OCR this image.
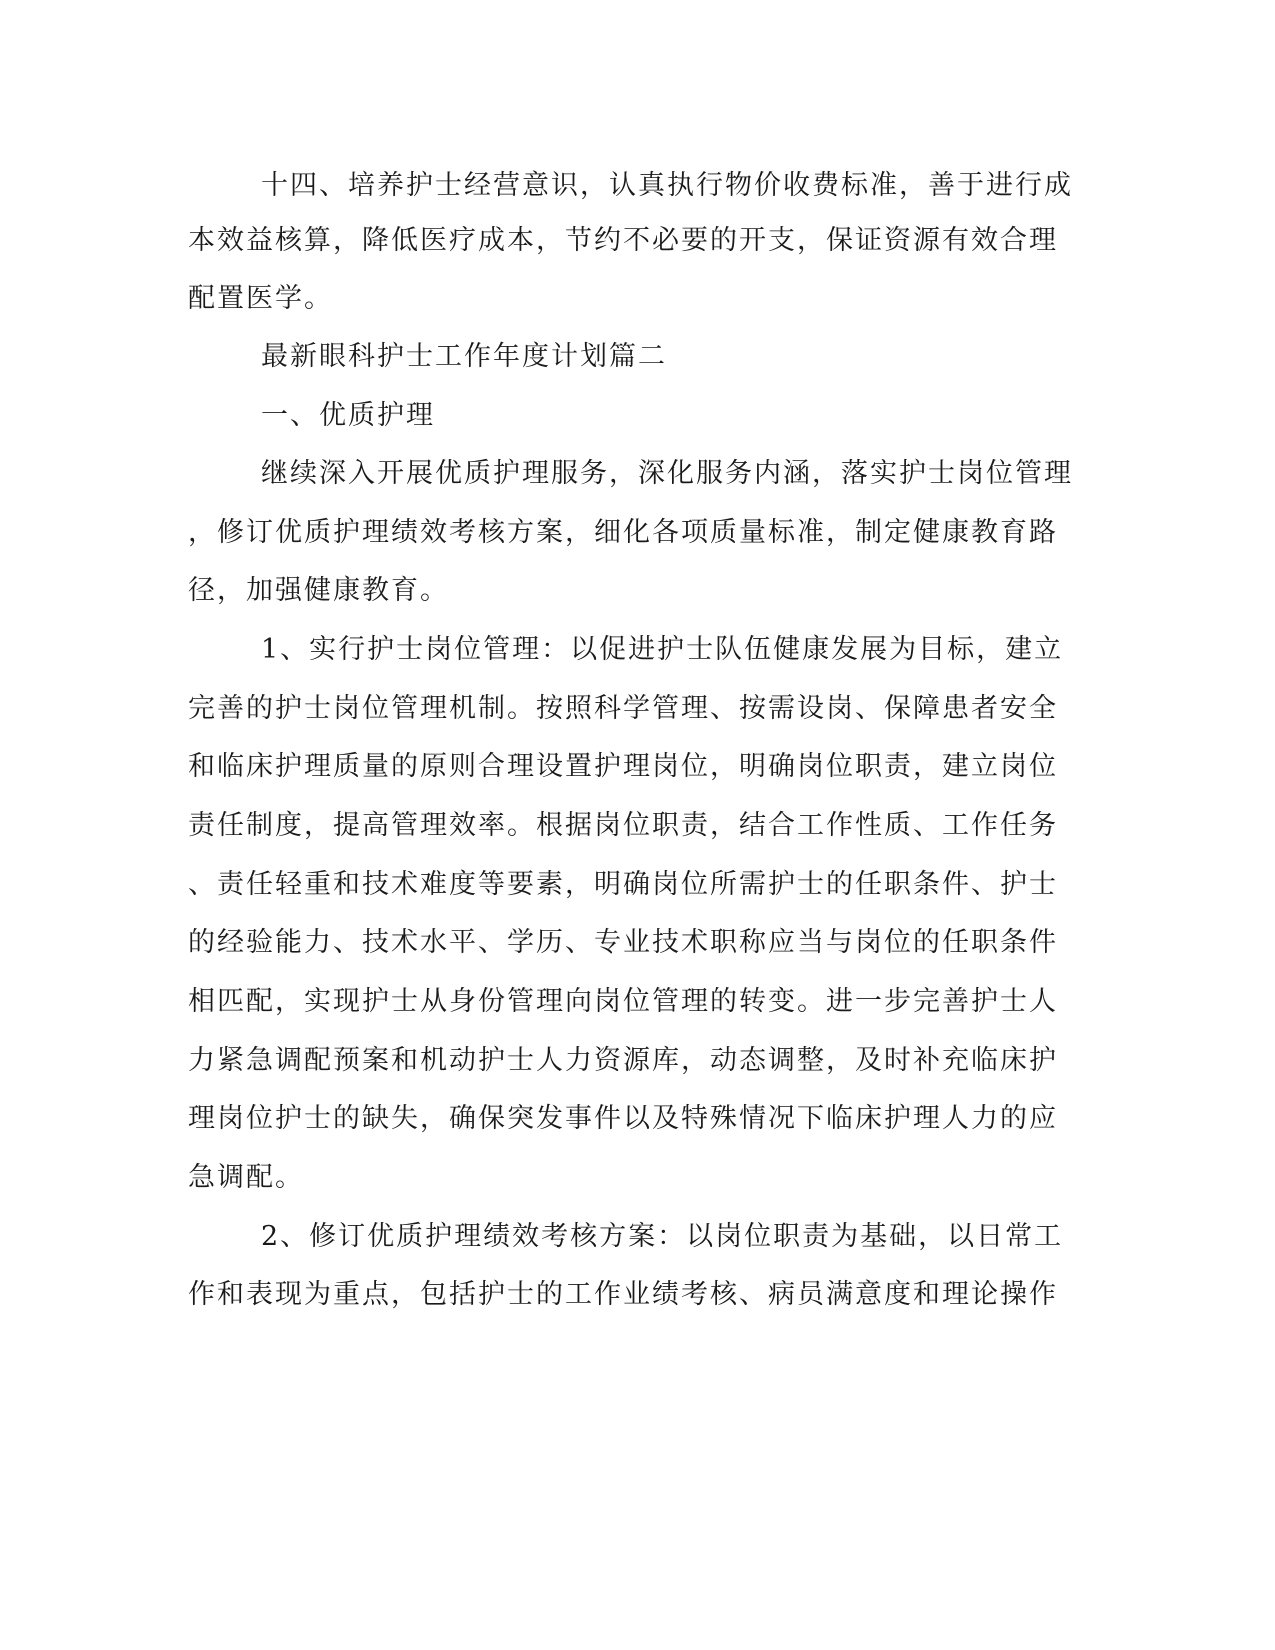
十四、培养护士经营意识，认真执行物价收费标准，善于进行成
本效益核算，降低医疗成本，节约不必要的开支，保证资源有效合理
配置医学。
最新眼科护士工作年度计划篇二
一、优质护理
继续深入开展优质护理服务，深化服务内涵，落实护士岗位管理
，修订优质护理绩效考核方案，细化各项质量标准，制定健康教育路
径，加强健康教育。
1、实行护士岗位管理：以促进护士队伍健康发展为目标，建立
完善的护士岗位管理机制。按照科学管理、按需设岗、保障患者安全
和临床护理质量的原则合理设置护理岗位，明确岗位职责，建立岗位
责任制度，提高管理效率。根据岗位职责，结合工作性质、工作任务
、责任轻重和技术难度等要素，明确岗位所需护士的任职条件、护士
的经验能力、技术水平、学历、专业技术职称应当与岗位的任职条件
相匹配，实现护士从身份管理向岗位管理的转变。进一步完善护士人
力紧急调配预案和机动护士人力资源库，动态调整，及时补充临床护
理岗位护士的缺失，确保突发事件以及特殊情况下临床护理人力的应
急调配。
2、修订优质护理绩效考核方案：以岗位职责为基础，以日常工
作和表现为重点，包括护士的工作业绩考核、病员满意度和理论操作
